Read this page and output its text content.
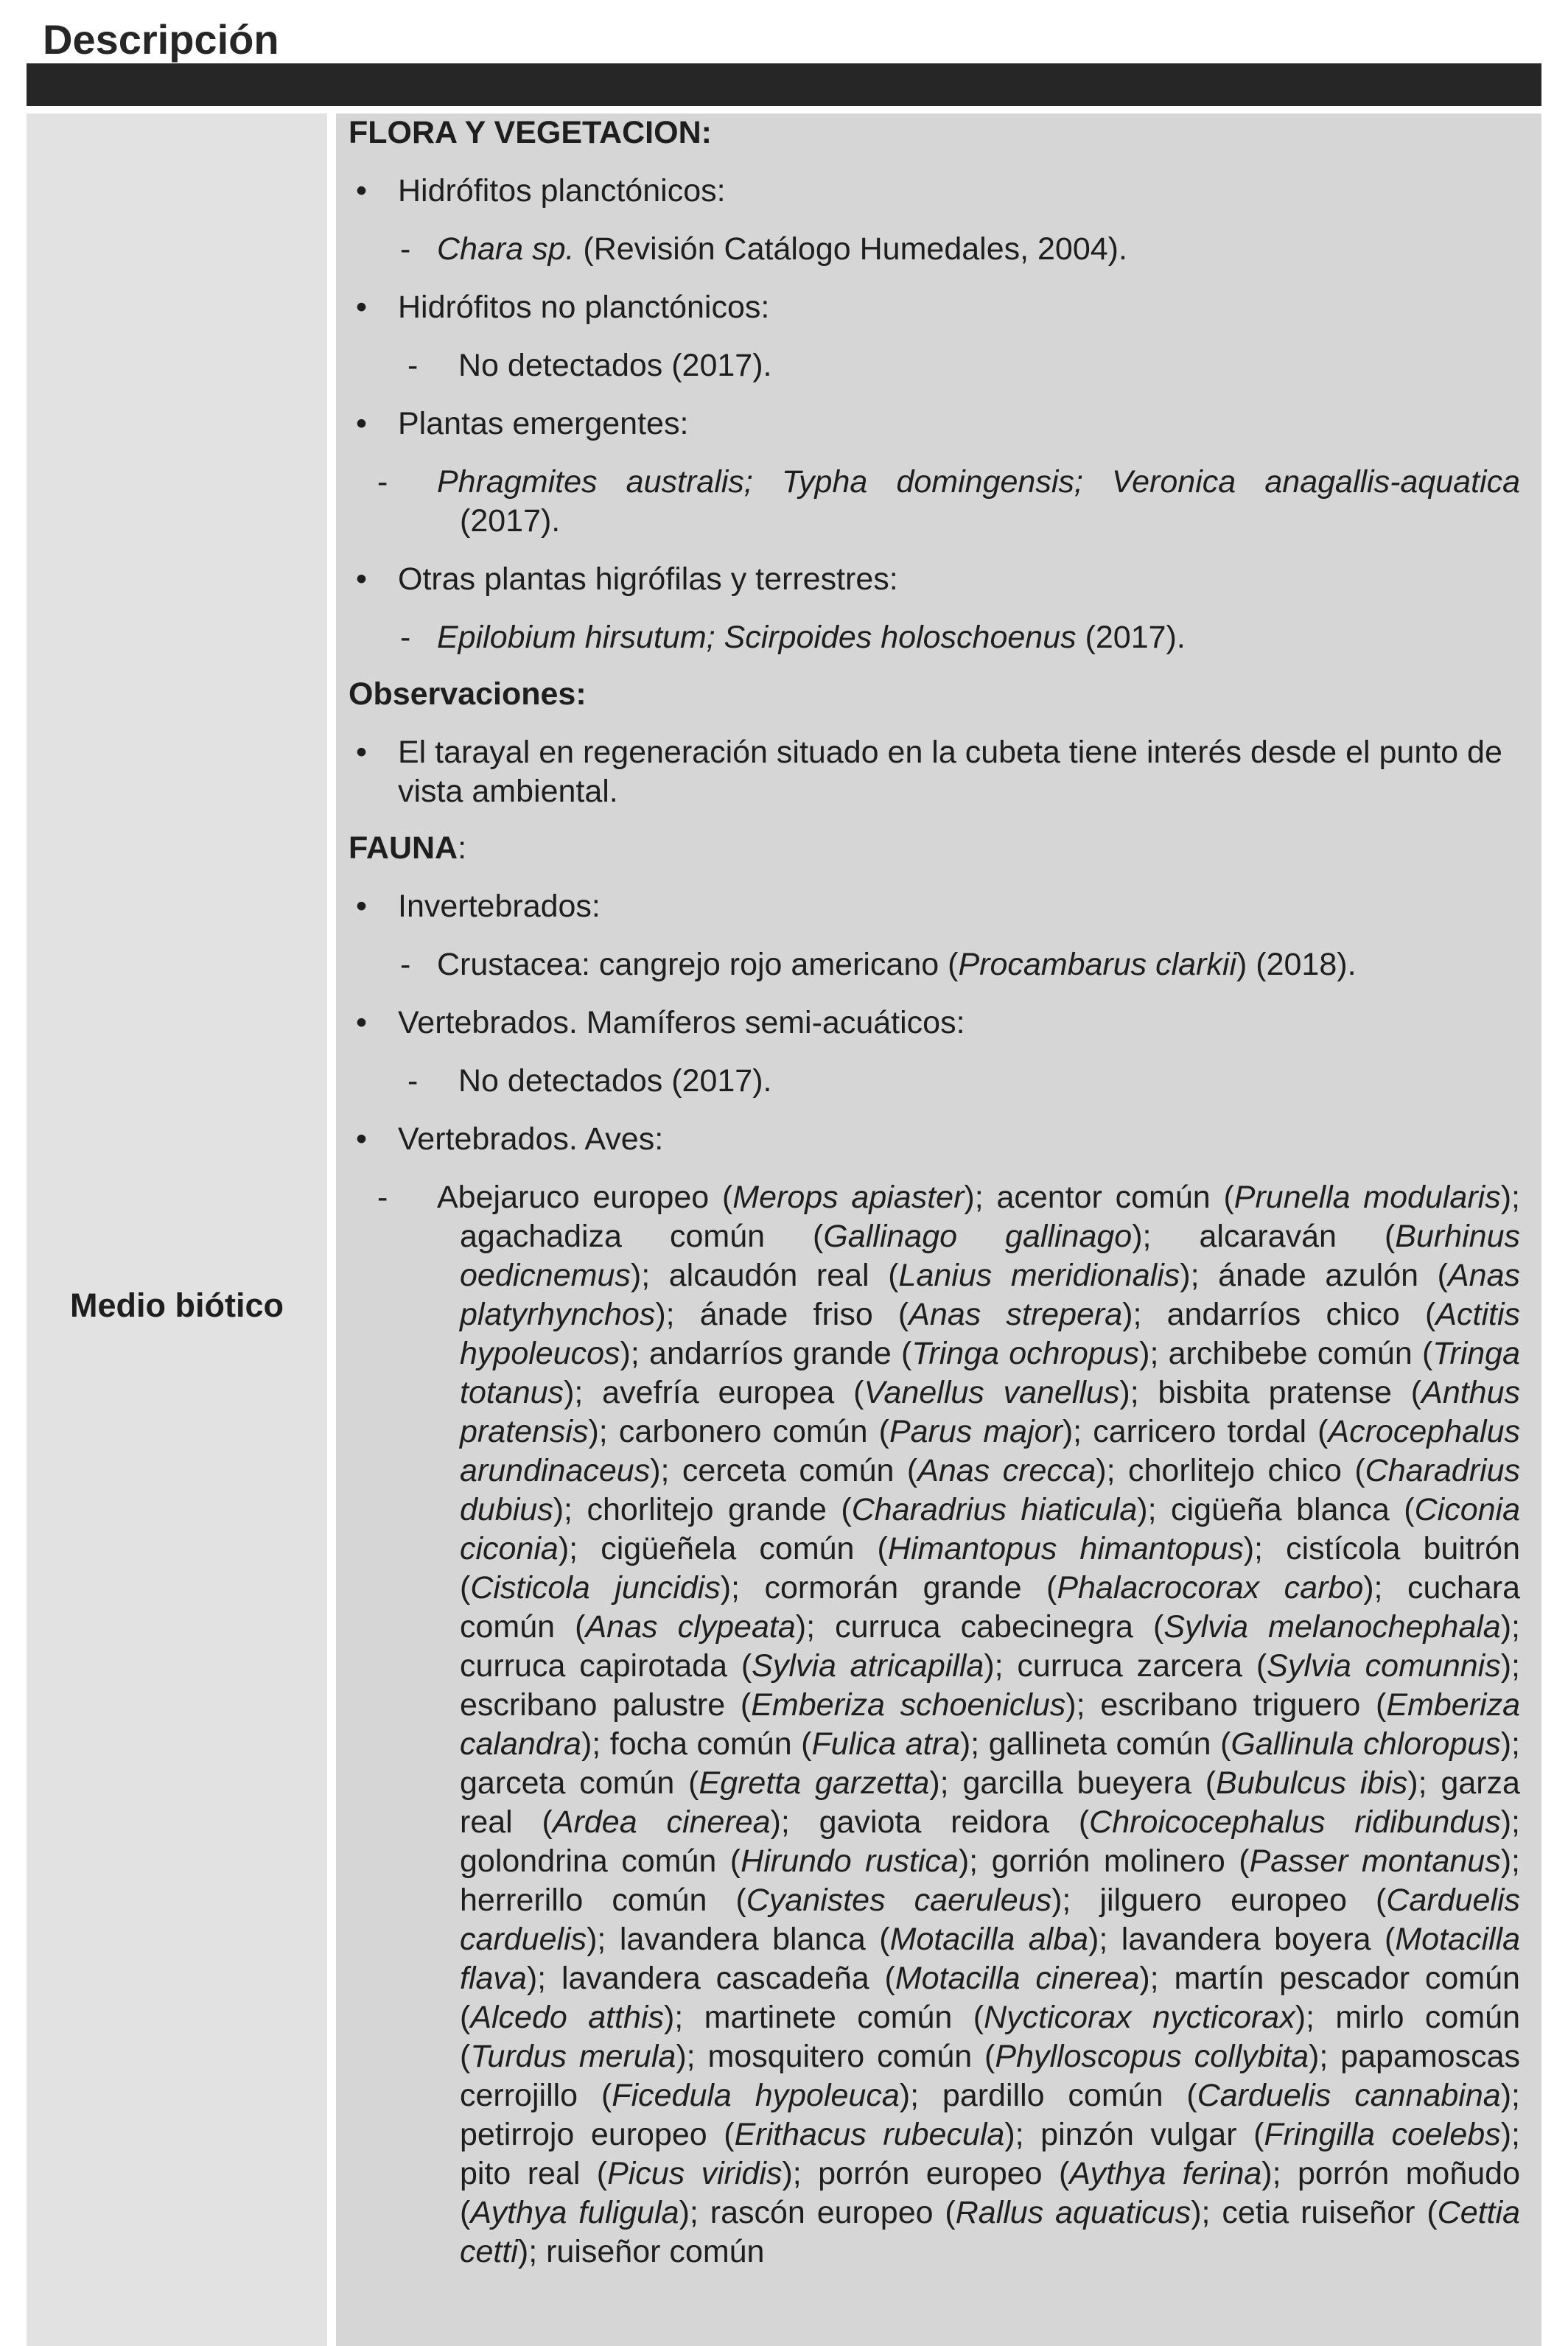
Descripción
Medio biótico
FLORA Y VEGETACION:
• Hidrófitos planctónicos:
- Chara sp. (Revisión Catálogo Humedales, 2004).
• Hidrófitos no planctónicos:
- No detectados (2017).
• Plantas emergentes:
- Phragmites australis; Typha domingensis; Veronica anagallis-aquatica (2017).
• Otras plantas higrófilas y terrestres:
- Epilobium hirsutum; Scirpoides holoschoenus (2017).
Observaciones:
• El tarayal en regeneración situado en la cubeta tiene interés desde el punto de vista ambiental.
FAUNA:
• Invertebrados:
- Crustacea: cangrejo rojo americano (Procambarus clarkii) (2018).
• Vertebrados. Mamíferos semi-acuáticos:
- No detectados (2017).
• Vertebrados. Aves:
- Abejaruco europeo (Merops apiaster); acentor común (Prunella modularis); agachadiza común (Gallinago gallinago); alcaraván (Burhinus oedicnemus); alcaudón real (Lanius meridionalis); ánade azulón (Anas platyrhynchos); ánade friso (Anas strepera); andarríos chico (Actitis hypoleucos); andarríos grande (Tringa ochropus); archibebe común (Tringa totanus); avefría europea (Vanellus vanellus); bisbita pratense (Anthus pratensis); carbonero común (Parus major); carricero tordal (Acrocephalus arundinaceus); cerceta común (Anas crecca); chorlitejo chico (Charadrius dubius); chorlitejo grande (Charadrius hiaticula); cigüeña blanca (Ciconia ciconia); cigüeñela común (Himantopus himantopus); cistícola buitrón (Cisticola juncidis); cormorán grande (Phalacrocorax carbo); cuchara común (Anas clypeata); curruca cabecinegra (Sylvia melanochephala); curruca capirotada (Sylvia atricapilla); curruca zarcera (Sylvia comunnis); escribano palustre (Emberiza schoeniclus); escribano triguero (Emberiza calandra); focha común (Fulica atra); gallineta común (Gallinula chloropus); garceta común (Egretta garzetta); garcilla bueyera (Bubulcus ibis); garza real (Ardea cinerea); gaviota reidora (Chroicocephalus ridibundus); golondrina común (Hirundo rustica); gorrión molinero (Passer montanus); herrerillo común (Cyanistes caeruleus); jilguero europeo (Carduelis carduelis); lavandera blanca (Motacilla alba); lavandera boyera (Motacilla flava); lavandera cascadeña (Motacilla cinerea); martín pescador común (Alcedo atthis); martinete común (Nycticorax nycticorax); mirlo común (Turdus merula); mosquitero común (Phylloscopus collybita); papamoscas cerrojillo (Ficedula hypoleuca); pardillo común (Carduelis cannabina); petirrojo europeo (Erithacus rubecula); pinzón vulgar (Fringilla coelebs); pito real (Picus viridis); porrón europeo (Aythya ferina); porrón moñudo (Aythya fuligula); rascón europeo (Rallus aquaticus); cetia ruiseñor (Cettia cetti); ruiseñor común
